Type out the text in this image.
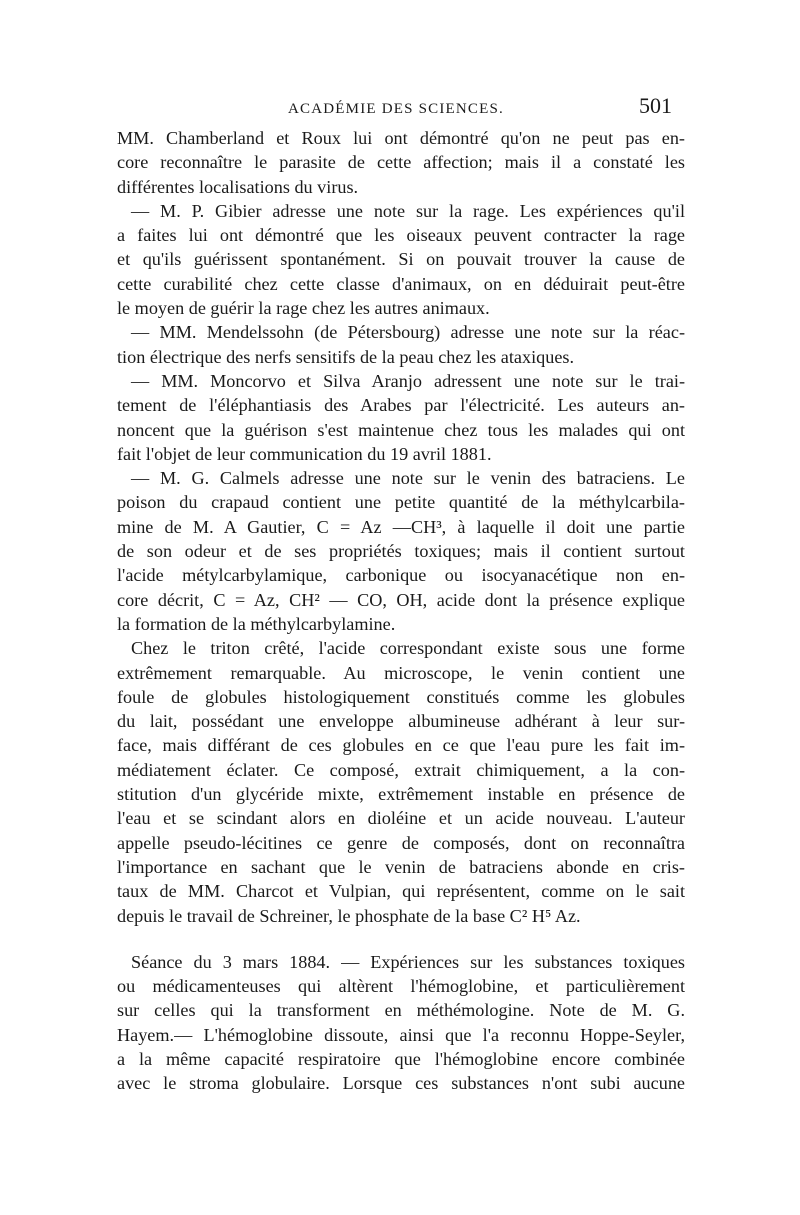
ACADÉMIE DES SCIENCES.	501

MM. Chamberland et Roux lui ont démontré qu'on ne peut pas en-
core reconnaître le parasite de cette affection; mais il a constaté les
différentes localisations du virus.

— M. P. Gibier adresse une note sur la rage. Les expériences qu'il
a faites lui ont démontré que les oiseaux peuvent contracter la rage
et qu'ils guérissent spontanément. Si on pouvait trouver la cause de
cette curabilité chez cette classe d'animaux, on en déduirait peut-être
le moyen de guérir la rage chez les autres animaux.

— MM. Mendelssohn (de Pétersbourg) adresse une note sur la réac-
tion électrique des nerfs sensitifs de la peau chez les ataxiques.

— MM. Moncorvo et Silva Aranjo adressent une note sur le trai-
tement de l'éléphantiasis des Arabes par l'électricité. Les auteurs an-
noncent que la guérison s'est maintenue chez tous les malades qui ont
fait l'objet de leur communication du 19 avril 1881.

— M. G. Calmels adresse une note sur le venin des batraciens. Le
poison du crapaud contient une petite quantité de la méthylcarbila-
mine de M. A Gautier, C = Az —CH³, à laquelle il doit une partie
de son odeur et de ses propriétés toxiques; mais il contient surtout
l'acide métylcarbylamique, carbonique ou isocyanacétique non en-
core décrit, C = Az, CH² — CO, OH, acide dont la présence explique
la formation de la méthylcarbylamine.

Chez le triton crêté, l'acide correspondant existe sous une forme
extrêmement remarquable. Au microscope, le venin contient une
foule de globules histologiquement constitués comme les globules
du lait, possédant une enveloppe albumineuse adhérant à leur sur-
face, mais différant de ces globules en ce que l'eau pure les fait im-
médiatement éclater. Ce composé, extrait chimiquement, a la con-
stitution d'un glycéride mixte, extrêmement instable en présence de
l'eau et se scindant alors en dioléine et un acide nouveau. L'auteur
appelle pseudo-lécitines ce genre de composés, dont on reconnaîtra
l'importance en sachant que le venin de batraciens abonde en cris-
taux de MM. Charcot et Vulpian, qui représentent, comme on le sait
depuis le travail de Schreiner, le phosphate de la base C² H⁵ Az.

Séance du 3 mars 1884. — Expériences sur les substances toxiques
ou médicamenteuses qui altèrent l'hémoglobine, et particulièrement
sur celles qui la transforment en méthémologine. Note de M. G.
Hayem.— L'hémoglobine dissoute, ainsi que l'a reconnu Hoppe-Seyler,
a la même capacité respiratoire que l'hémoglobine encore combinée
avec le stroma globulaire. Lorsque ces substances n'ont subi aucune
